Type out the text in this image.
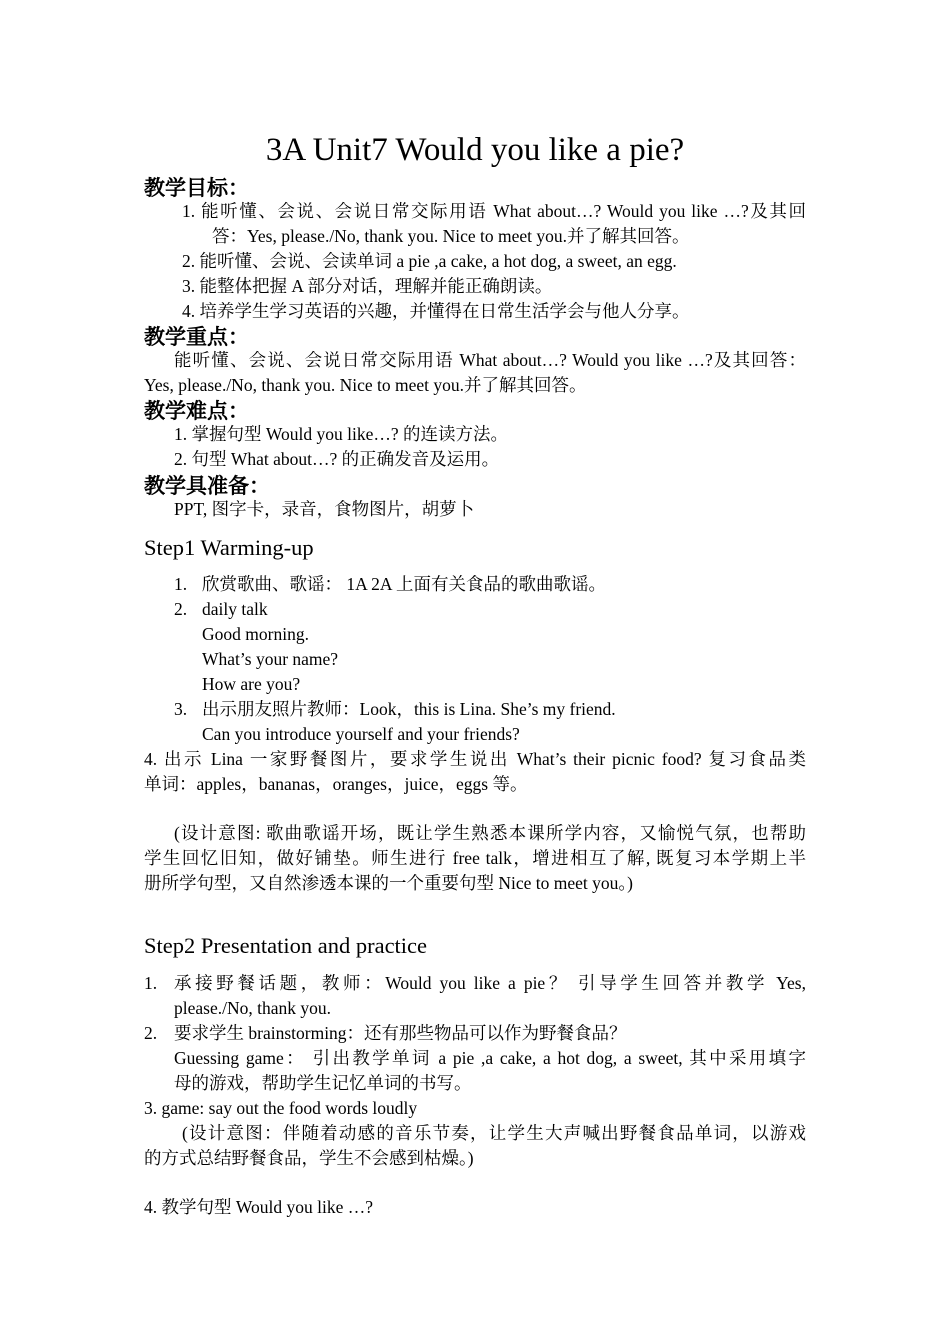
3A Unit7 Would you like a pie?
教学目标：
1. 能听懂、会说、会说日常交际用语 What about…? Would you like …?及其回
答：Yes, please./No, thank you. Nice to meet you.并了解其回答。
2. 能听懂、会说、会读单词 a pie ,a cake, a hot dog, a sweet, an egg.
3. 能整体把握 A 部分对话，理解并能正确朗读。
4. 培养学生学习英语的兴趣，并懂得在日常生活学会与他人分享。
教学重点：
能听懂、会说、会说日常交际用语 What about…? Would you like …?及其回答：
Yes, please./No, thank you. Nice to meet you.并了解其回答。
教学难点：
1. 掌握句型 Would you like…? 的连读方法。
2. 句型 What about…? 的正确发音及运用。
教学具准备：
PPT, 图字卡，录音，食物图片，胡萝卜
Step1 Warming-up
1. 欣赏歌曲、歌谣： 1A 2A 上面有关食品的歌曲歌谣。
2. daily talk
Good morning.
What’s your name?
How are you?
3. 出示朋友照片教师：Look，this is Lina. She’s my friend.
Can you introduce yourself and your friends?
4. 出示 Lina 一家野餐图片，要求学生说出 What’s their picnic food? 复习食品类
单词：apples，bananas，oranges，juice，eggs 等。
(设计意图: 歌曲歌谣开场，既让学生熟悉本课所学内容，又愉悦气氛，也帮助
学生回忆旧知，做好铺垫。师生进行 free talk，增进相互了解, 既复习本学期上半
册所学句型，又自然渗透本课的一个重要句型 Nice to meet you。)
Step2 Presentation and practice
1. 承接野餐话题，教师：Would you like a pie？ 引导学生回答并教学 Yes,
please./No, thank you.
2. 要求学生 brainstorming：还有那些物品可以作为野餐食品？
Guessing game： 引出教学单词 a pie ,a cake, a hot dog, a sweet, 其中采用填字
母的游戏，帮助学生记忆单词的书写。
3. game: say out the food words loudly
(设计意图：伴随着动感的音乐节奏，让学生大声喊出野餐食品单词，以游戏
的方式总结野餐食品，学生不会感到枯燥。)
4. 教学句型 Would you like …?
